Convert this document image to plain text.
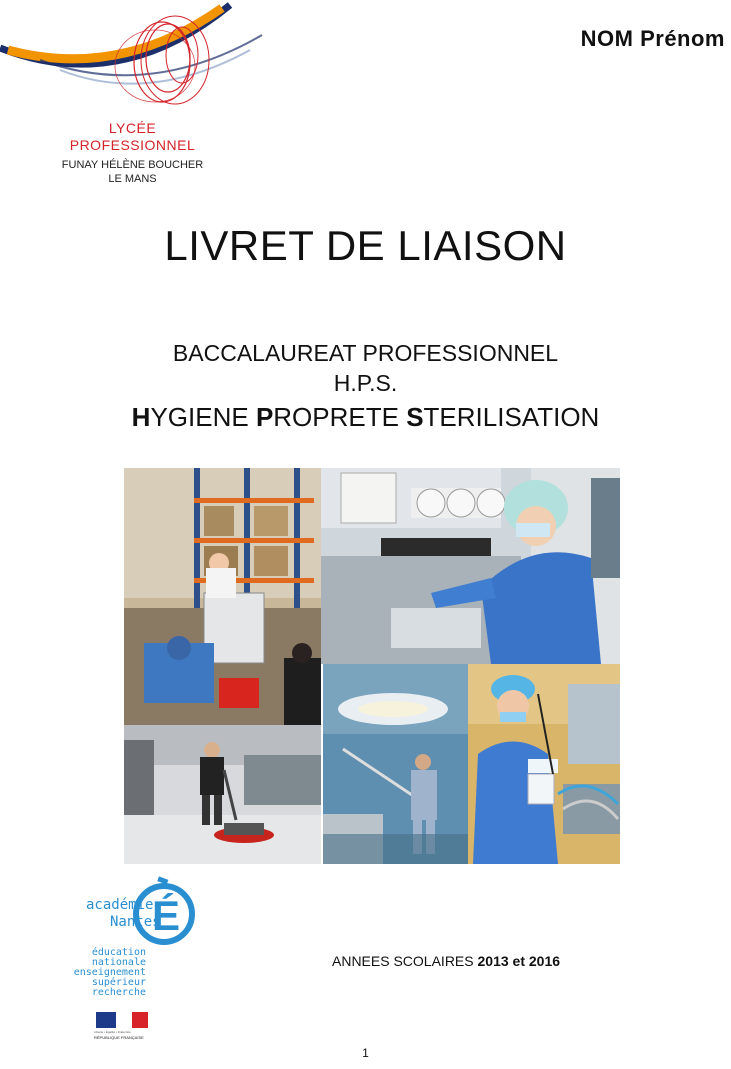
LYCÉE
PROFESSIONNEL
FUNAY HÉLÈNE BOUCHER
LE MANS
NOM Prénom
LIVRET DE LIAISON
BACCALAUREAT PROFESSIONNEL
H.P.S.
HYGIENE PROPRETE STERILISATION
académie
Nantes
É
éducation
nationale
enseignement
supérieur
recherche
Liberté • Égalité • Fraternité
RÉPUBLIQUE FRANÇAISE
ANNEES SCOLAIRES 2013 et 2016
1
